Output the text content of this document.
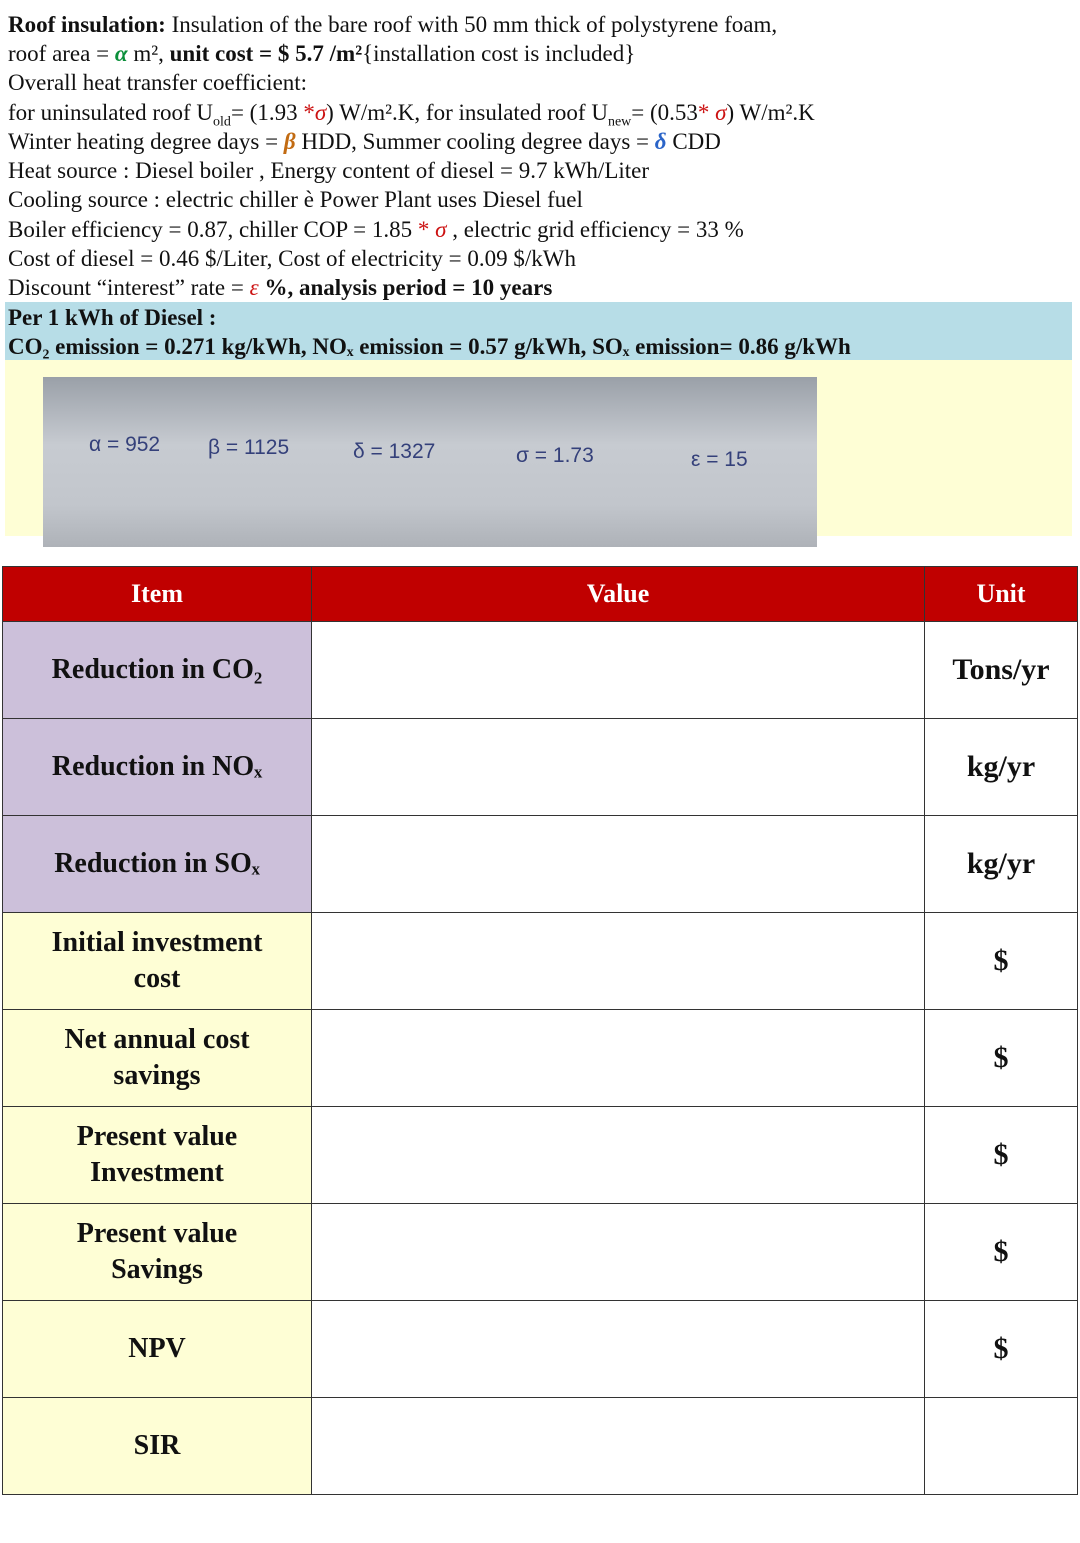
Roof insulation: Insulation of the bare roof with 50 mm thick of polystyrene foam,
roof area = α m², unit cost = $ 5.7 /m²{installation cost is included}
Overall heat transfer coefficient:
for uninsulated roof $U_{old}= (1.93$ *σ) W/m².K, for insulated roof $U_{new}= (0.53*$ σ) W/m².K
Winter heating degree days = β HDD, Summer cooling degree days = δ CDD
Heat source : Diesel boiler , Energy content of diesel = 9.7 kWh/Liter
Cooling source : electric chiller è Power Plant uses Diesel fuel
Boiler efficiency = 0.87, chiller COP = 1.85 * σ , electric grid efficiency = 33 %
Cost of diesel = 0.46 $/Liter, Cost of electricity = 0.09 $/kWh
Discount “interest” rate = ε %, analysis period = 10 years
Per 1 kWh of Diesel :
CO₂ emission = 0.271 kg/kWh, NOₓ emission = 0.57 g/kWh, SOₓ emission= 0.86 g/kWh
α = 952 β = 1125	δ = 1327	σ = 1.73	ε = 15
Item	Value	Unit
Reduction in CO₂		Tons/yr
Reduction in NOₓ		kg/yr
Reduction in SOₓ		kg/yr
Initial investment
cost		$
Net annual cost
savings		$
Present value
Investment		$
Present value
Savings		$
NPV		$
SIR		
